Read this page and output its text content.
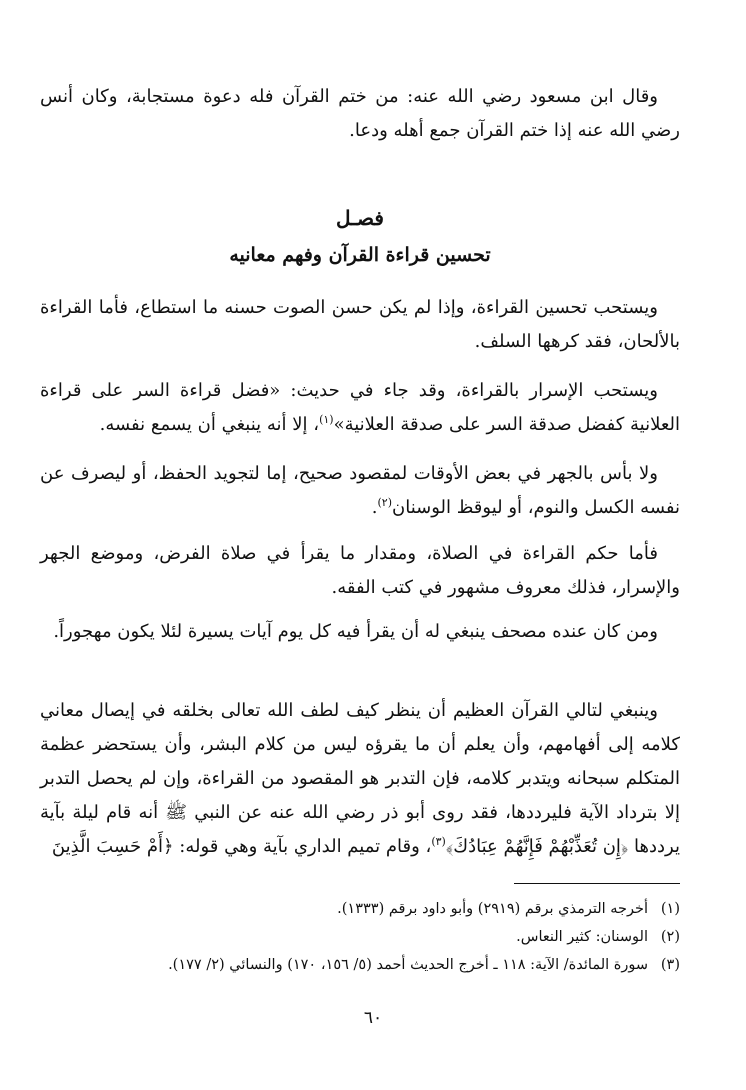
وقال ابن مسعود رضي الله عنه: من ختم القرآن فله دعوة مستجابة، وكان أنس رضي الله عنه إذا ختم القرآن جمع أهله ودعا.

فصـل
تحسين قراءة القرآن وفهم معانيه

ويستحب تحسين القراءة، وإذا لم يكن حسن الصوت حسنه ما استطاع، فأما القراءة بالألحان، فقد كرهها السلف.

ويستحب الإسرار بالقراءة، وقد جاء في حديث: «فضل قراءة السر على قراءة العلانية كفضل صدقة السر على صدقة العلانية»$^{(١)}$، إلا أنه ينبغي أن يسمع نفسه.

ولا بأس بالجهر في بعض الأوقات لمقصود صحيح، إما لتجويد الحفظ، أو ليصرف عن نفسه الكسل والنوم، أو ليوقظ الوسنان$^{(٢)}$.

فأما حكم القراءة في الصلاة، ومقدار ما يقرأ في صلاة الفرض، وموضع الجهر والإسرار، فذلك معروف مشهور في كتب الفقه.

ومن كان عنده مصحف ينبغي له أن يقرأ فيه كل يوم آيات يسيرة لئلا يكون مهجوراً.

وينبغي لتالي القرآن العظيم أن ينظر كيف لطف الله تعالى بخلقه في إيصال معاني كلامه إلى أفهامهم، وأن يعلم أن ما يقرؤه ليس من كلام البشر، وأن يستحضر عظمة المتكلم سبحانه ويتدبر كلامه، فإن التدبر هو المقصود من القراءة، وإن لم يحصل التدبر إلا بترداد الآية فليرددها، فقد روى أبو ذر رضي الله عنه عن النبي ﷺ أنه قام ليلة بآية يرددها ﴿إِن تُعَذِّبْهُمْ فَإِنَّهُمْ عِبَادُكَ﴾$^{(٣)}$، وقام تميم الداري بآية وهي قوله: ﴿أَمْ حَسِبَ الَّذِينَ

(١)أخرجه الترمذي برقم (٢٩١٩) وأبو داود برقم (١٣٣٣).
(٢)الوسنان: كثير النعاس.
(٣)سورة المائدة/ الآية: ١١٨ ـ أخرج الحديث أحمد (٥/ ١٥٦، ١٧٠) والنسائي (٢/ ١٧٧).
٦٠
